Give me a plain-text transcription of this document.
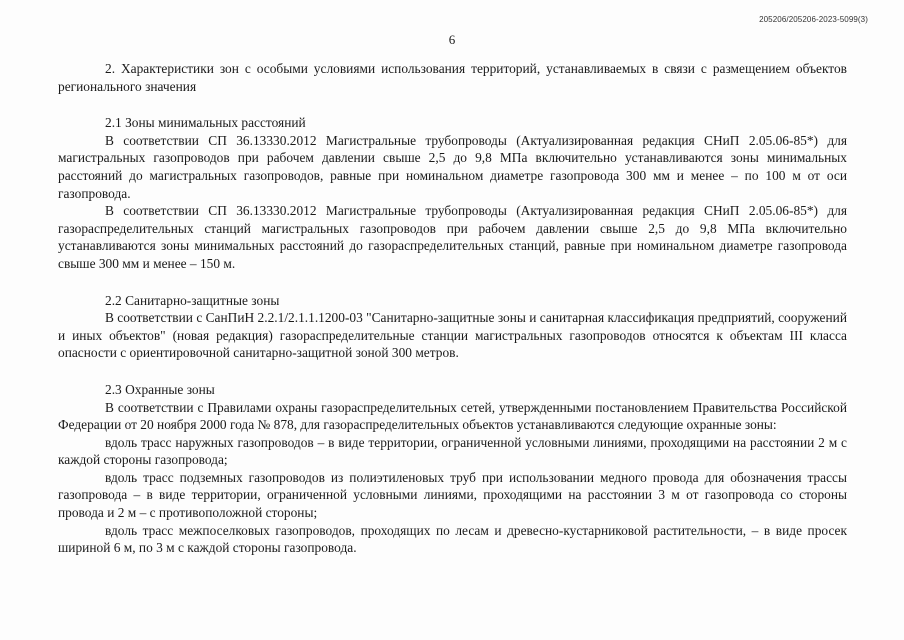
205206/205206-2023-5099(3)
6

2. Характеристики зон с особыми условиями использования территорий, устанавливаемых в связи с размещением объектов регионального значения

2.1 Зоны минимальных расстояний

В соответствии СП 36.13330.2012 Магистральные трубопроводы (Актуализированная редакция СНиП 2.05.06-85*) для магистральных газопроводов при рабочем давлении свыше 2,5 до 9,8 МПа включительно устанавливаются зоны минимальных расстояний до магистральных газопроводов, равные при номинальном диаметре газопровода 300 мм и менее – по 100 м от оси газопровода.

В соответствии СП 36.13330.2012 Магистральные трубопроводы (Актуализированная редакция СНиП 2.05.06-85*) для газораспределительных станций магистральных газопроводов при рабочем давлении свыше 2,5 до 9,8 МПа включительно устанавливаются зоны минимальных расстояний до газораспределительных станций, равные при номинальном диаметре газопровода свыше 300 мм и менее – 150 м.

2.2 Санитарно-защитные зоны

В соответствии с СанПиН 2.2.1/2.1.1.1200-03 "Санитарно-защитные зоны и санитарная классификация предприятий, сооружений и иных объектов" (новая редакция) газораспределительные станции магистральных газопроводов относятся к объектам III класса опасности с ориентировочной санитарно-защитной зоной 300 метров.

2.3 Охранные зоны

В соответствии с Правилами охраны газораспределительных сетей, утвержденными постановлением Правительства Российской Федерации от 20 ноября 2000 года № 878, для газораспределительных объектов устанавливаются следующие охранные зоны:

вдоль трасс наружных газопроводов – в виде территории, ограниченной условными линиями, проходящими на расстоянии 2 м с каждой стороны газопровода;

вдоль трасс подземных газопроводов из полиэтиленовых труб при использовании медного провода для обозначения трассы газопровода – в виде территории, ограниченной условными линиями, проходящими на расстоянии 3 м от газопровода со стороны провода и 2 м – с противоположной стороны;

вдоль трасс межпоселковых газопроводов, проходящих по лесам и древесно-кустарниковой растительности, – в виде просек шириной 6 м, по 3 м с каждой стороны газопровода.
